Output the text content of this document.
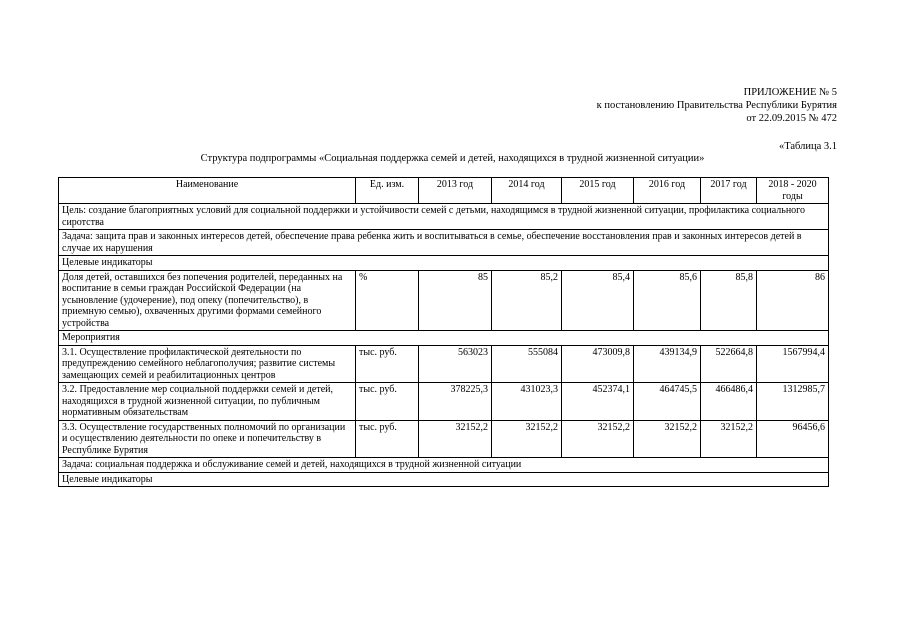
ПРИЛОЖЕНИЕ № 5
к постановлению Правительства Республики Бурятия
от 22.09.2015 № 472
«Таблица 3.1
Структура подпрограммы «Социальная поддержка семей и детей, находящихся в трудной жизненной ситуации»
Наименование	Ед. изм.	2013 год	2014 год	2015 год	2016 год	2017 год	2018 - 2020 годы
Цель: создание благоприятных условий для социальной поддержки и устойчивости семей с детьми, находящимся в трудной жизненной ситуации, профилактика социального сиротства							
Задача: защита прав и законных интересов детей, обеспечение права ребенка жить и воспитываться в семье, обеспечение восстановления прав и законных интересов детей в случае их нарушения							
Целевые индикаторы							
Доля детей, оставшихся без попечения родителей, переданных на воспитание в семьи граждан Российской Федерации (на усыновление (удочерение), под опеку (попечительство), в приемную семью), охваченных другими формами семейного устройства	%	85	85,2	85,4	85,6	85,8	86
Мероприятия							
3.1. Осуществление профилактической деятельности по предупреждению семейного неблагополучия; развитие системы замещающих семей и реабилитационных центров	тыс. руб.	563023	555084	473009,8	439134,9	522664,8	1567994,4
3.2. Предоставление мер социальной поддержки семей и детей, находящихся в трудной жизненной ситуации, по публичным нормативным обязательствам	тыс. руб.	378225,3	431023,3	452374,1	464745,5	466486,4	1312985,7
3.3. Осуществление государственных полномочий по организации и осуществлению деятельности по опеке и попечительству в Республике Бурятия	тыс. руб.	32152,2	32152,2	32152,2	32152,2	32152,2	96456,6
Задача: социальная поддержка и обслуживание семей и детей, находящихся в трудной жизненной ситуации							
Целевые индикаторы							
